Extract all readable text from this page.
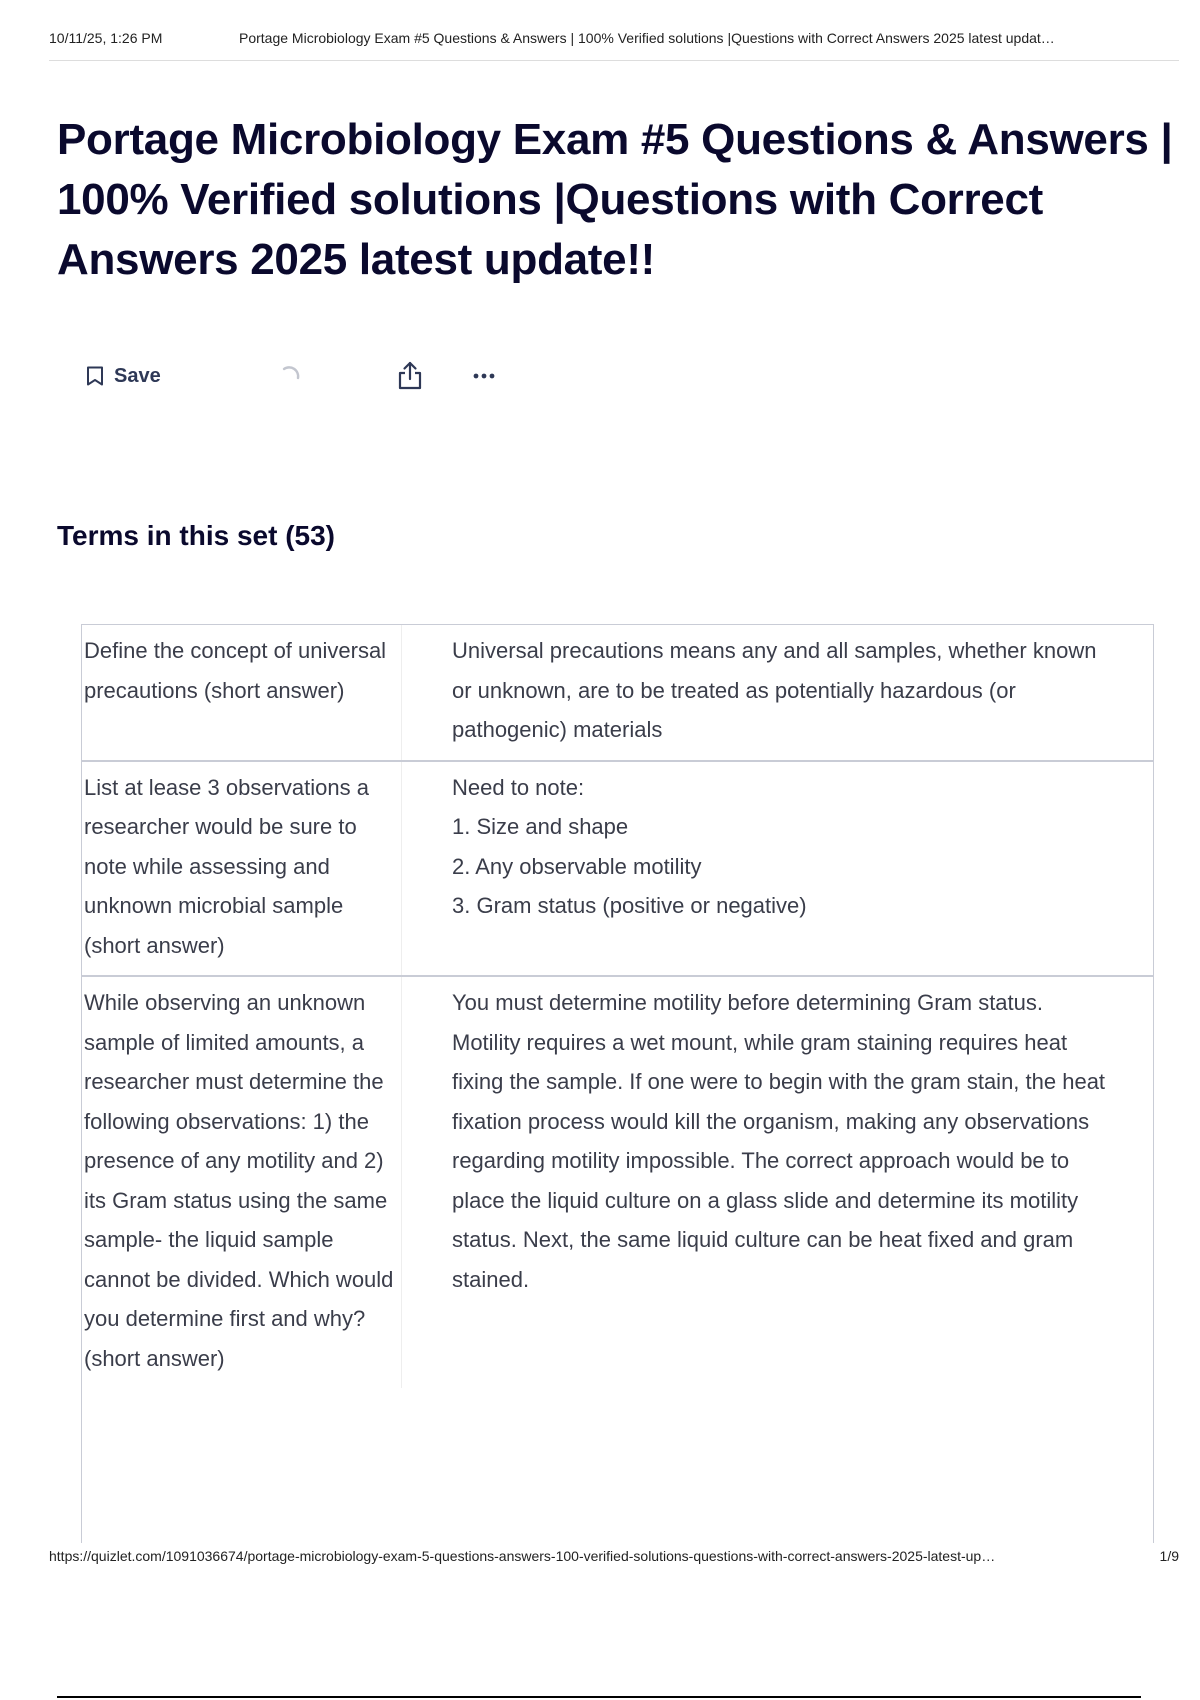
10/11/25, 1:26 PM	Portage Microbiology Exam #5 Questions & Answers | 100% Verified solutions |Questions with Correct Answers 2025 latest updat…
Portage Microbiology Exam #5 Questions & Answers | 100% Verified solutions |Questions with Correct Answers 2025 latest update!!
Save
Terms in this set (53)
Define the concept of universal precautions (short answer)
Universal precautions means any and all samples, whether known or unknown, are to be treated as potentially hazardous (or pathogenic) materials
List at lease 3 observations a researcher would be sure to note while assessing and unknown microbial sample (short answer)
Need to note:
1. Size and shape
2. Any observable motility
3. Gram status (positive or negative)
While observing an unknown sample of limited amounts, a researcher must determine the following observations: 1) the presence of any motility and 2) its Gram status using the same sample- the liquid sample cannot be divided. Which would you determine first and why? (short answer)
You must determine motility before determining Gram status. Motility requires a wet mount, while gram staining requires heat fixing the sample. If one were to begin with the gram stain, the heat fixation process would kill the organism, making any observations regarding motility impossible. The correct approach would be to place the liquid culture on a glass slide and determine its motility status. Next, the same liquid culture can be heat fixed and gram stained.
https://quizlet.com/1091036674/portage-microbiology-exam-5-questions-answers-100-verified-solutions-questions-with-correct-answers-2025-latest-up…	1/9
